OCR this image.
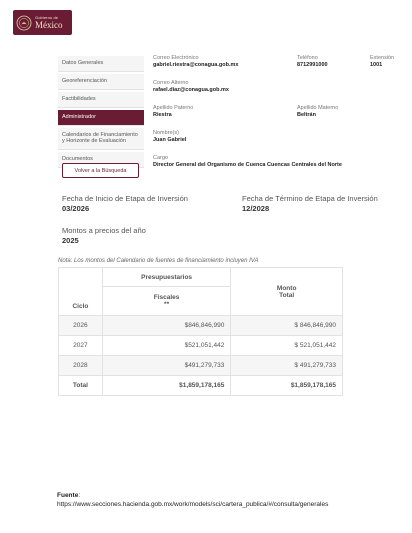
Gobierno de
México
Datos Generales
Georeferenciación
Factibilidades
Administrador
Calendarios de Financiamiento y Horizonte de Evaluación
Documentos
Volver a la Búsqueda
Correo Electrónico
gabriel.riestra@conagua.gob.mx
Teléfono
8712991000
Extensión
1001
Correo Alterno
rafael.diaz@conagua.gob.mx
Apellido Paterno
Riestra
Apellido Materno
Beltrán
Nombre(s)
Juan Gabriel
Cargo
Director General del Organismo de Cuenca Cuencas Centrales del Norte
Fecha de Inicio de Etapa de Inversión
03/2026
Fecha de Término de Etapa de Inversión
12/2028
Montos a precios del año
2025
Nota: Los montos del Calendario de fuentes de financiamiento incluyen IVA
Ciclo	Presupuestarios	Monto
Total
	Fiscales
**	
2026	$846,846,990	$ 846,846,990
2027	$521,051,442	$ 521,051,442
2028	$491,279,733	$ 491,279,733
Total	$1,859,178,165	$1,859,178,165
Fuente:
https://www.secciones.hacienda.gob.mx/work/models/sci/cartera_publica/#/consulta/generales
